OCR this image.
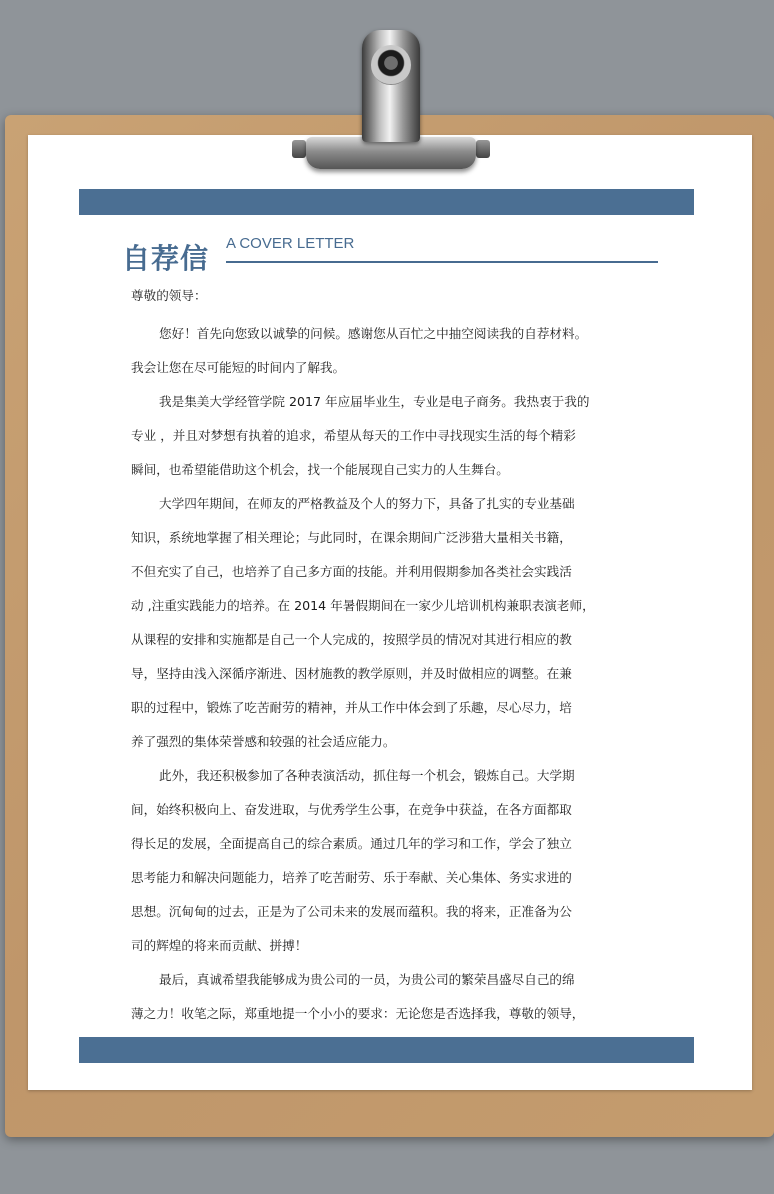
自荐信 A COVER LETTER
尊敬的领导：

您好！首先向您致以诚挚的问候。感谢您从百忙之中抽空阅读我的自荐材料。

我会让您在尽可能短的时间内了解我。

我是集美大学经管学院 2017 年应届毕业生，专业是电子商务。我热衷于我的

专业 ，并且对梦想有执着的追求，希望从每天的工作中寻找现实生活的每个精彩

瞬间，也希望能借助这个机会，找一个能展现自己实力的人生舞台。

大学四年期间，在师友的严格教益及个人的努力下，具备了扎实的专业基础

知识，系统地掌握了相关理论；与此同时，在课余期间广泛涉猎大量相关书籍，

不但充实了自己，也培养了自己多方面的技能。并利用假期参加各类社会实践活

动 ,注重实践能力的培养。在 2014 年暑假期间在一家少儿培训机构兼职表演老师，

从课程的安排和实施都是自己一个人完成的，按照学员的情况对其进行相应的教

导，坚持由浅入深循序渐进、因材施教的教学原则，并及时做相应的调整。在兼

职的过程中，锻炼了吃苦耐劳的精神，并从工作中体会到了乐趣，尽心尽力，培

养了强烈的集体荣誉感和较强的社会适应能力。

此外，我还积极参加了各种表演活动，抓住每一个机会，锻炼自己。大学期

间，始终积极向上、奋发进取，与优秀学生公事，在竞争中获益，在各方面都取

得长足的发展，全面提高自己的综合素质。通过几年的学习和工作，学会了独立

思考能力和解决问题能力，培养了吃苦耐劳、乐于奉献、关心集体、务实求进的

思想。沉甸甸的过去，正是为了公司未来的发展而蕴积。我的将来，正准备为公

司的辉煌的将来而贡献、拼搏！

最后，真诚希望我能够成为贵公司的一员，为贵公司的繁荣昌盛尽自己的绵

薄之力！收笔之际，郑重地提一个小小的要求：无论您是否选择我，尊敬的领导，
